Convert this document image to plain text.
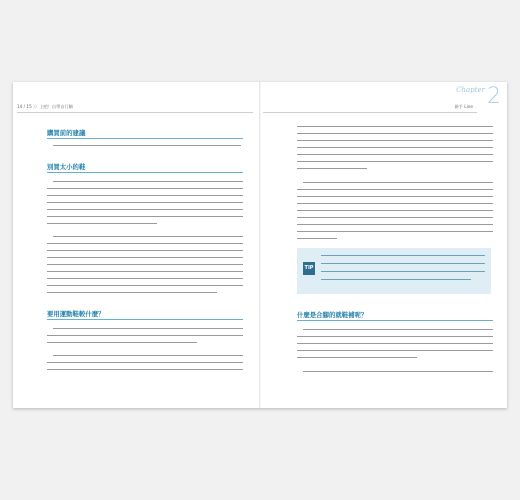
14 / 15 〉〉上吧！自學自行騎
購買前的建議
別買太小的鞋
要用運動鞋較什麼？
Chapter 2
新手 Line
TIP
什麼是合腳的就鞋補呢？
